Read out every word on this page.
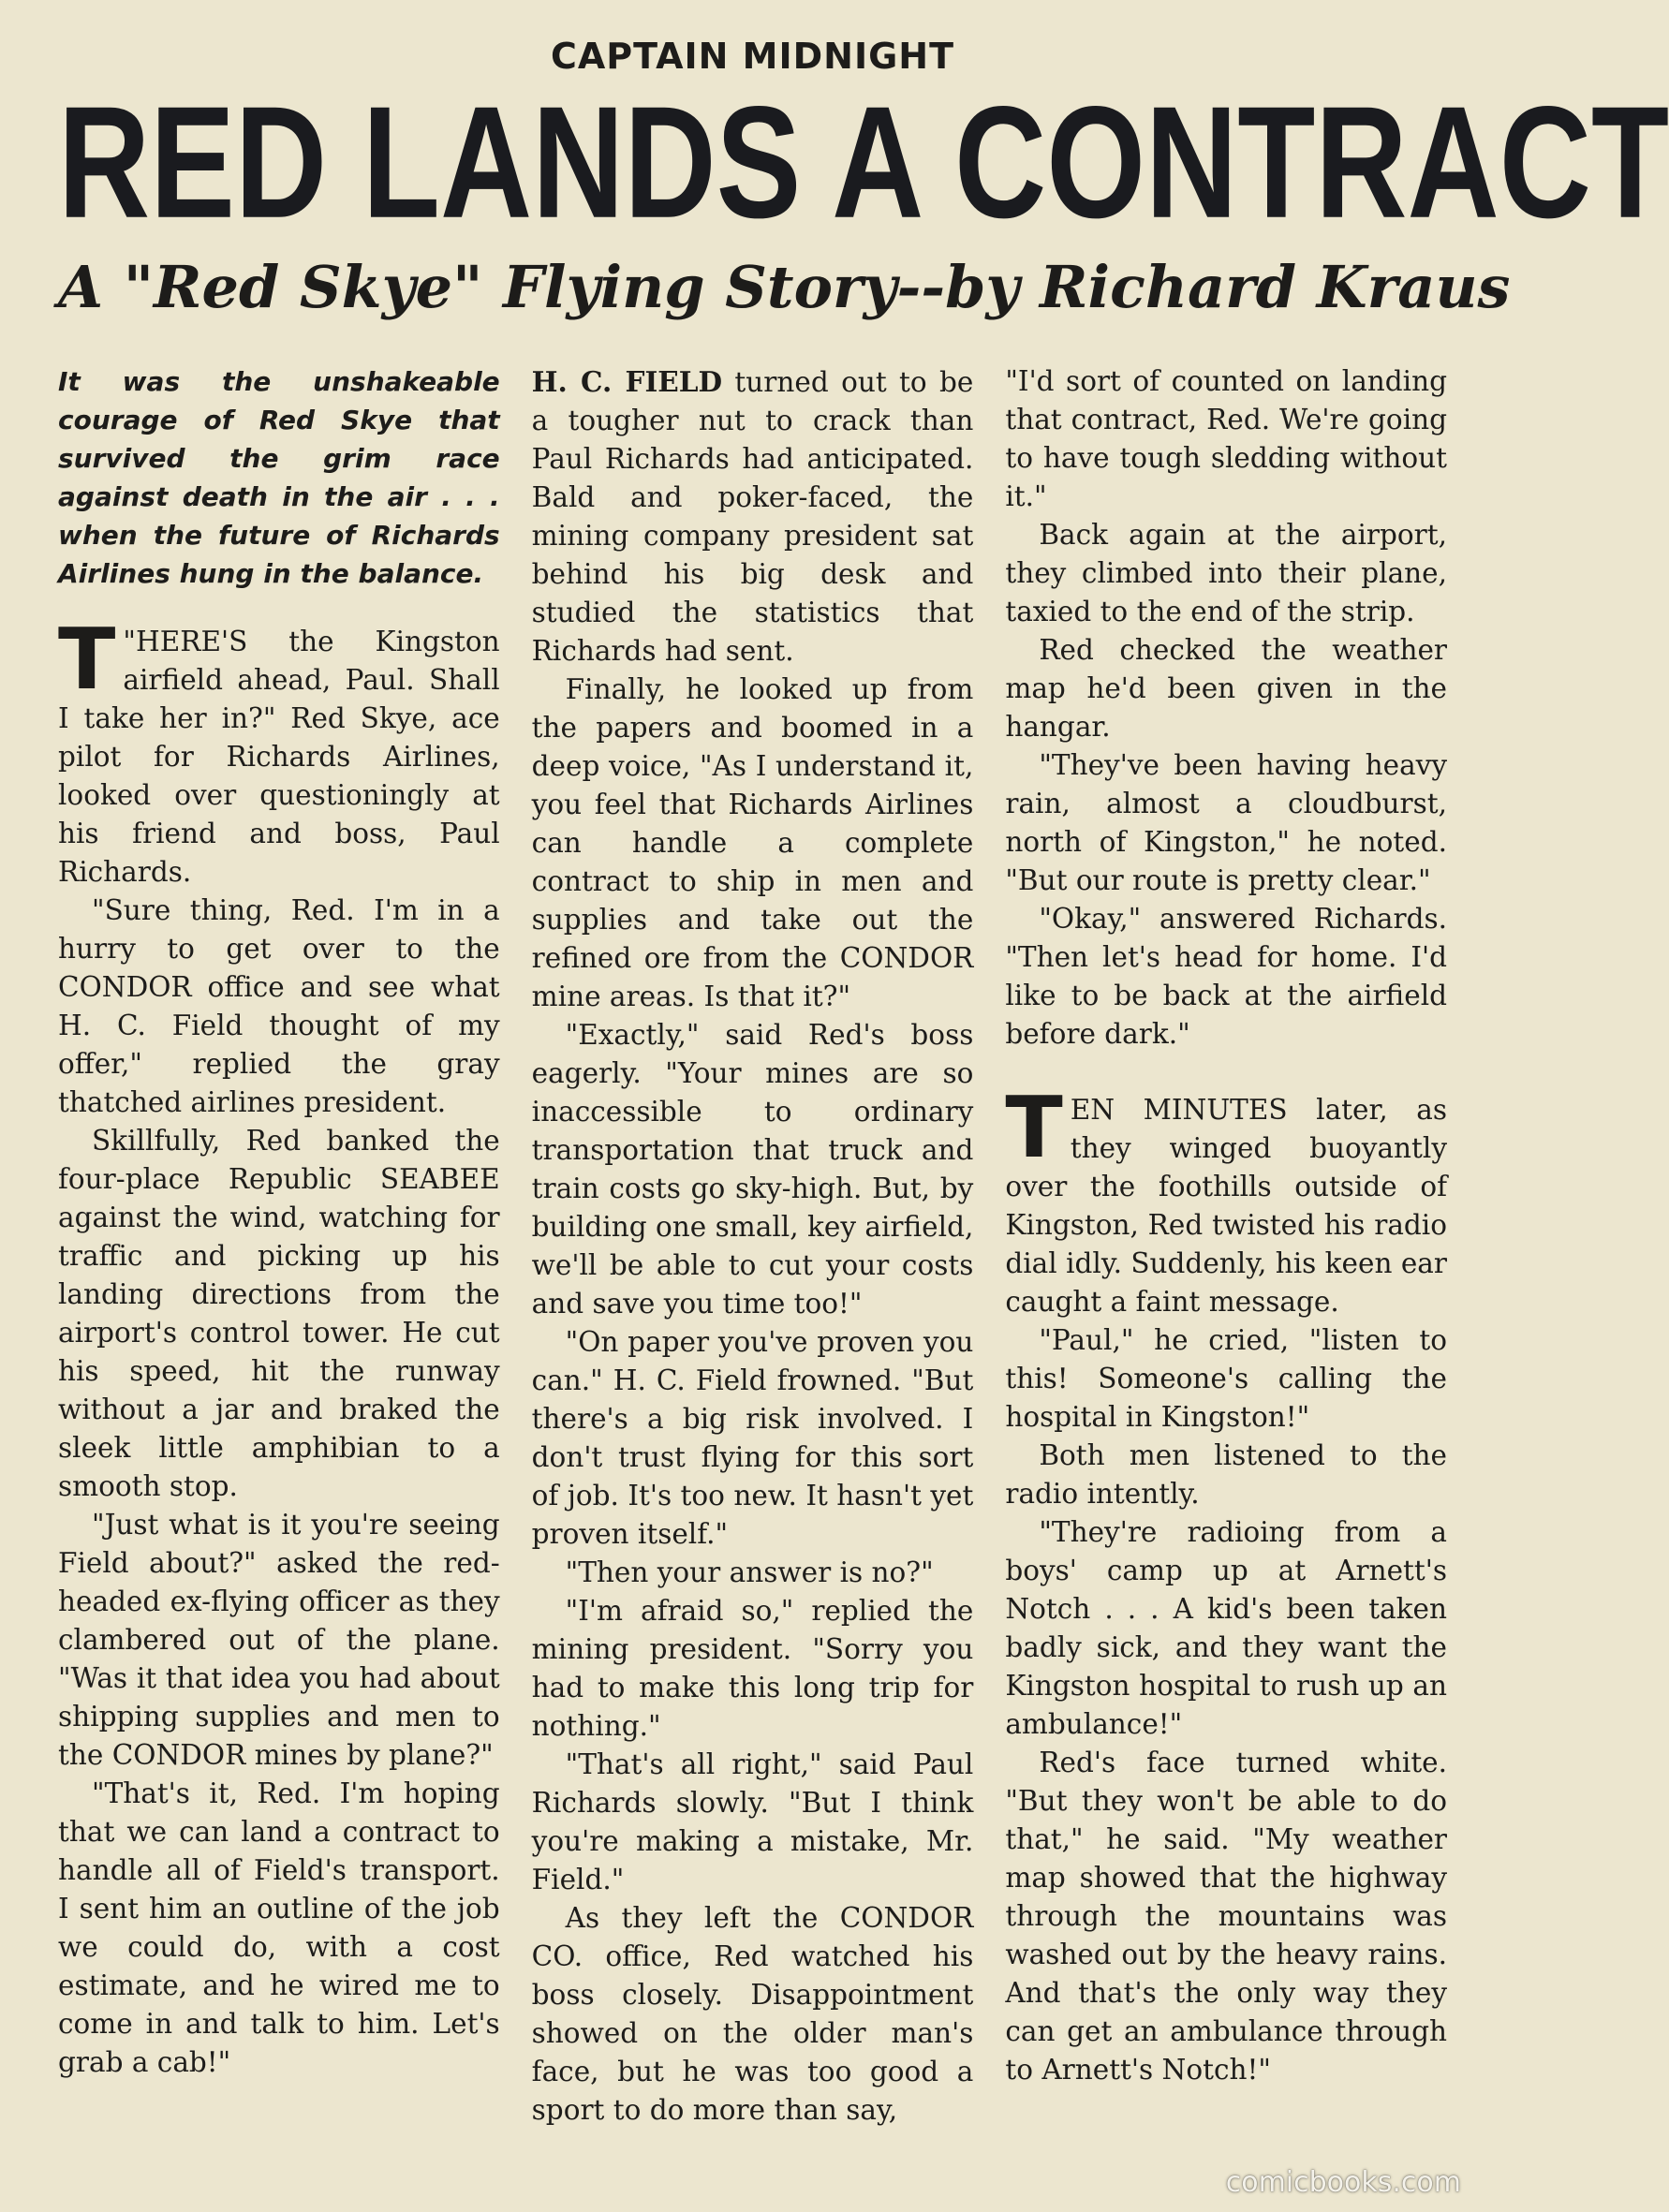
CAPTAIN MIDNIGHT
RED LANDS A CONTRACT
A "Red Skye" Flying Story--by Richard Kraus
It was the unshakeable courage of Red Skye that survived the grim race against death in the air . . . when the future of Richards Airlines hung in the balance.

"
T HERE'S the Kingston airfield ahead, Paul. Shall I take her in?" Red Skye, ace pilot for Richards Airlines, looked over questioningly at his friend and boss, Paul Richards.

"Sure thing, Red. I'm in a hurry to get over to the CONDOR office and see what H. C. Field thought of my offer," replied the gray thatched airlines president.

Skillfully, Red banked the four-place Republic SEABEE against the wind, watching for traffic and picking up his landing directions from the airport's control tower. He cut his speed, hit the runway without a jar and braked the sleek little amphibian to a smooth stop.

"Just what is it you're seeing Field about?" asked the red-headed ex-flying officer as they clambered out of the plane. "Was it that idea you had about shipping supplies and men to the CONDOR mines by plane?"

"That's it, Red. I'm hoping that we can land a contract to handle all of Field's transport. I sent him an outline of the job we could do, with a cost estimate, and he wired me to come in and talk to him. Let's grab a cab!"

H. C. FIELD turned out to be a tougher nut to crack than Paul Richards had anticipated. Bald and poker-faced, the mining company president sat behind his big desk and studied the statistics that Richards had sent.

Finally, he looked up from the papers and boomed in a deep voice, "As I understand it, you feel that Richards Airlines can handle a complete contract to ship in men and supplies and take out the refined ore from the CONDOR mine areas. Is that it?"

"Exactly," said Red's boss eagerly. "Your mines are so inaccessible to ordinary transportation that truck and train costs go sky-high. But, by building one small, key airfield, we'll be able to cut your costs and save you time too!"

"On paper you've proven you can." H. C. Field frowned. "But there's a big risk involved. I don't trust flying for this sort of job. It's too new. It hasn't yet proven itself."

"Then your answer is no?"

"I'm afraid so," replied the mining president. "Sorry you had to make this long trip for nothing."

"That's all right," said Paul Richards slowly. "But I think you're making a mistake, Mr. Field."

As they left the CONDOR CO. office, Red watched his boss closely. Disappointment showed on the older man's face, but he was too good a sport to do more than say,

"I'd sort of counted on landing that contract, Red. We're going to have tough sledding without it."

Back again at the airport, they climbed into their plane, taxied to the end of the strip.

Red checked the weather map he'd been given in the hangar.

"They've been having heavy rain, almost a cloudburst, north of Kingston," he noted. "But our route is pretty clear."

"Okay," answered Richards. "Then let's head for home. I'd like to be back at the airfield before dark."

TEN MINUTES later, as they winged buoyantly over the foothills outside of Kingston, Red twisted his radio dial idly. Suddenly, his keen ear caught a faint message.

"Paul," he cried, "listen to this! Someone's calling the hospital in Kingston!"

Both men listened to the radio intently.

"They're radioing from a boys' camp up at Arnett's Notch . . . A kid's been taken badly sick, and they want the Kingston hospital to rush up an ambulance!"

Red's face turned white. "But they won't be able to do that," he said. "My weather map showed that the highway through the mountains was washed out by the heavy rains. And that's the only way they can get an ambulance through to Arnett's Notch!"

comicbooks.com
